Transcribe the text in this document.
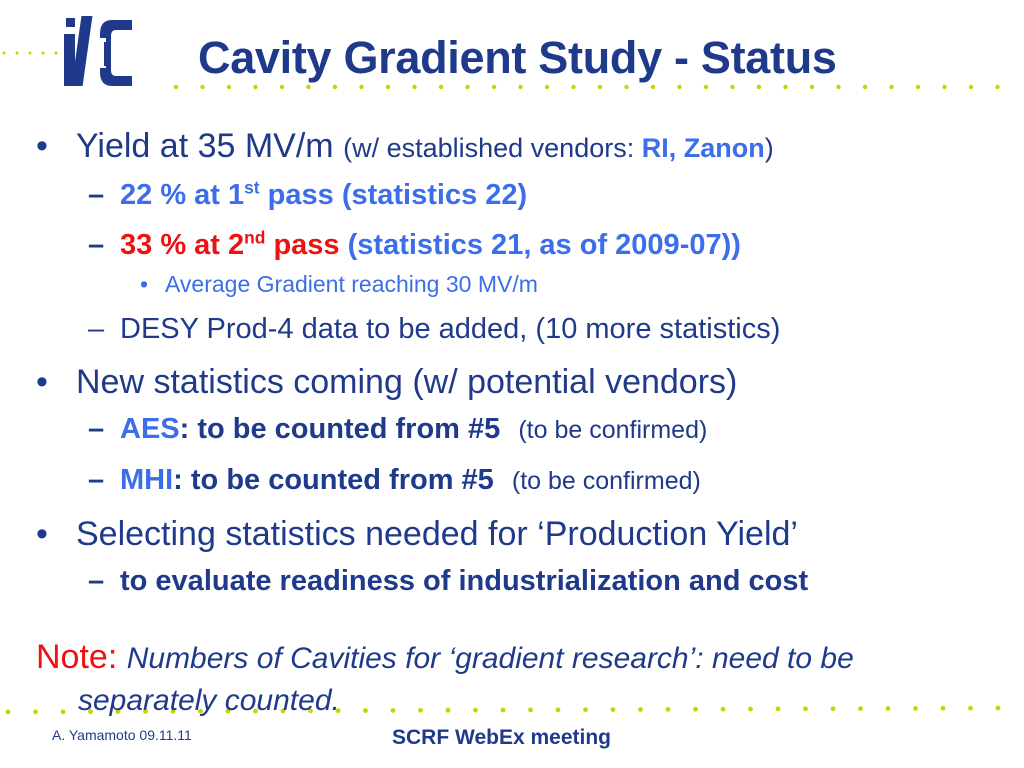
Cavity Gradient Study - Status
• Yield at 35 MV/m (w/ established vendors: RI, Zanon)
– 22 % at 1st pass (statistics 22)
– 33 % at 2nd pass (statistics 21, as of 2009-07))
• Average Gradient reaching 30 MV/m
– DESY Prod-4 data to be added, (10 more statistics)
• New statistics coming (w/ potential vendors)
– AES: to be counted from #5 (to be confirmed)
– MHI: to be counted from #5 (to be confirmed)
• Selecting statistics needed for ‘Production Yield’
– to evaluate readiness of industrialization and cost
Note: Numbers of Cavities for ‘gradient research’: need to be
separately counted.
A. Yamamoto 09.11.11	SCRF WebEx meeting
